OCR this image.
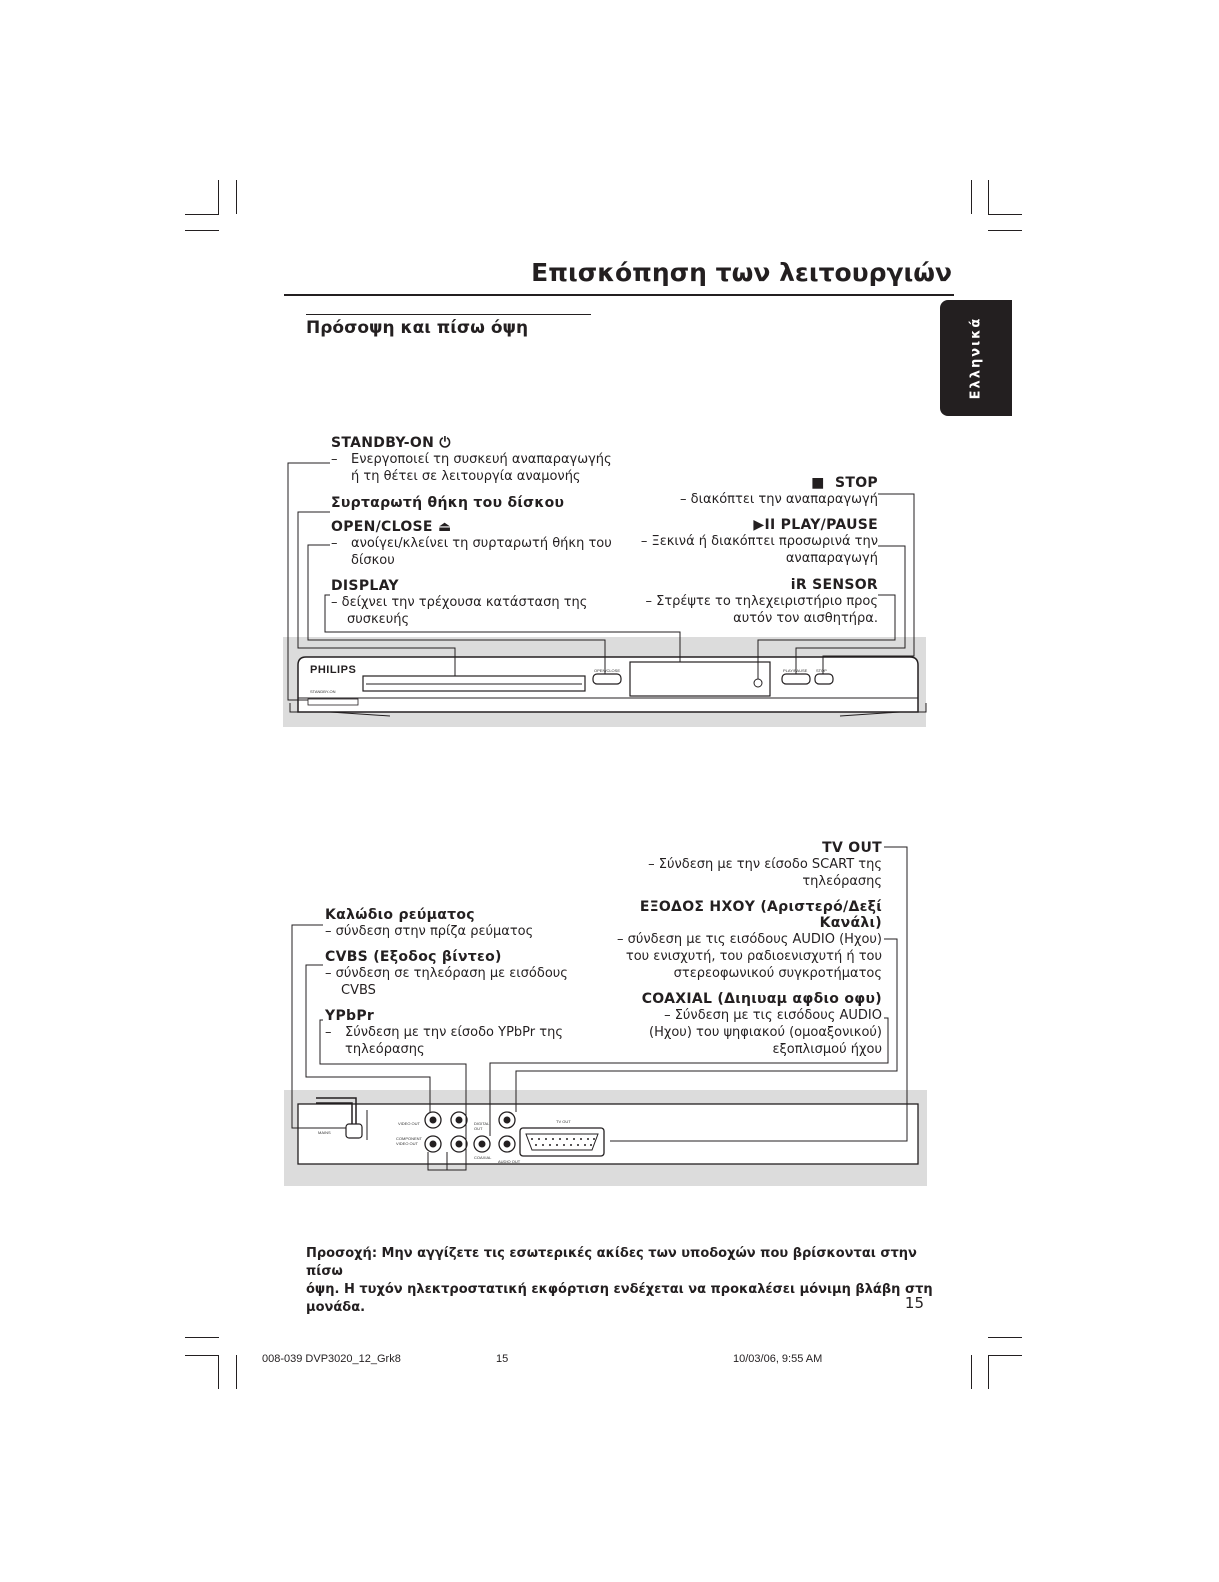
Επισκόπηση των λειτουργιών
Ελληνικά
Πρόσοψη και πίσω όψη
PHILIPS
STANDBY-ON
OPEN/CLOSE	PLAY/PAUSE STOP
STANDBY-ON ⏻
– Ενεργοποιεί τη συσκευή αναπαραγωγής
ή τη θέτει σε λειτουργία αναμονής
Συρταρωτή θήκη του δίσκου
OPEN/CLOSE ⏏
– ανοίγει/κλείνει τη συρταρωτή θήκη του
δίσκου
DISPLAY
– δείχνει την τρέχουσα κατάσταση της
συσκευής
■ STOP
– διακόπτει την αναπαραγωγή
▶II PLAY/PAUSE
– Ξεκινά ή διακόπτει προσωρινά την
αναπαραγωγή
iR SENSOR
– Στρέψτε το τηλεχειριστήριο προς
αυτόν τον αισθητήρα.
MAINS
VIDEO OUT
COMPONENT VIDEO OUT
DIGITAL OUT
COAXIAL
AUDIO OUT
TV OUT
Καλώδιο ρεύματος
– σύνδεση στην πρίζα ρεύματος
CVBS (Εξοδος βίντεο)
– σύνδεση σε τηλεόραση με εισόδους
CVBS
YPbPr
– Σύνδεση με την είσοδο YPbPr της
τηλεόρασης
TV OUT
– Σύνδεση με την είσοδο SCART της
τηλεόρασης
ΕΞΟΔΟΣ ΗΧΟΥ (Αριστερό/Δεξί
Κανάλι)
– σύνδεση με τις εισόδους AUDIO (Ηχου)
του ενισχυτή, του ραδιοενισχυτή ή του
στερεοφωνικού συγκροτήματος
COAXIAL (Διηιυαμ αφδιο οφυ)
– Σύνδεση με τις εισόδους AUDIO
(Ηχου) του ψηφιακού (ομοαξονικού)
εξοπλισμού ήχου
Προσοχή: Μην αγγίζετε τις εσωτερικές ακίδες των υποδοχών που βρίσκονται στην πίσω
όψη. Η τυχόν ηλεκτροστατική εκφόρτιση ενδέχεται να προκαλέσει μόνιμη βλάβη στη μονάδα.	15
008-039 DVP3020_12_Grk8	15	10/03/06, 9:55 AM
